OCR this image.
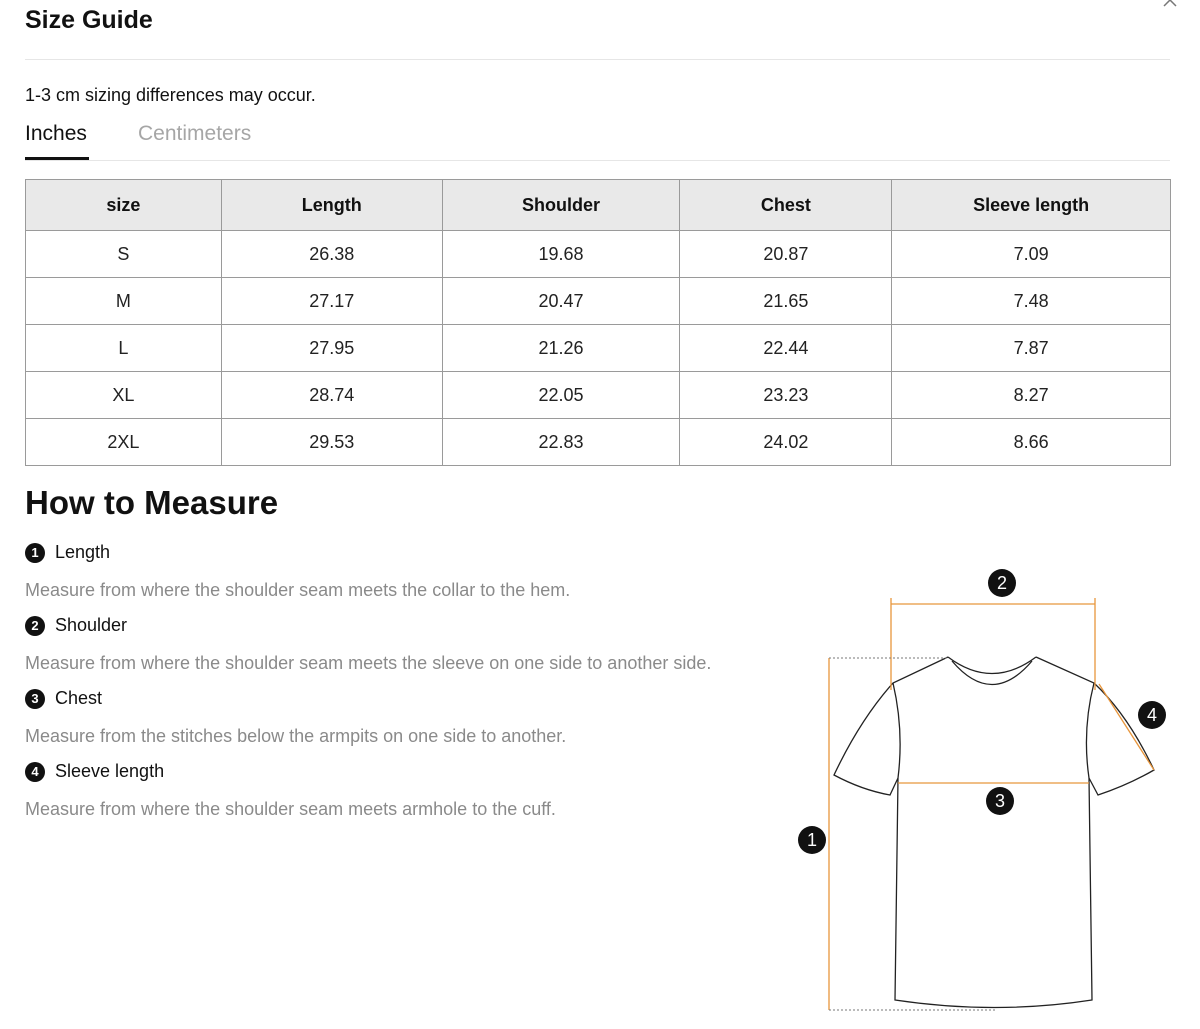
Size Guide
1-3 cm sizing differences may occur.
Inches Centimeters
size	Length	Shoulder	Chest	Sleeve length
S	26.38	19.68	20.87	7.09
M	27.17	20.47	21.65	7.48
L	27.95	21.26	22.44	7.87
XL	28.74	22.05	23.23	8.27
2XL	29.53	22.83	24.02	8.66
How to Measure
1 Length
Measure from where the shoulder seam meets the collar to the hem.
2 Shoulder
Measure from where the shoulder seam meets the sleeve on one side to another side.
3 Chest
Measure from the stitches below the armpits on one side to another.
4 Sleeve length
Measure from where the shoulder seam meets armhole to the cuff.
1
2
3
4
